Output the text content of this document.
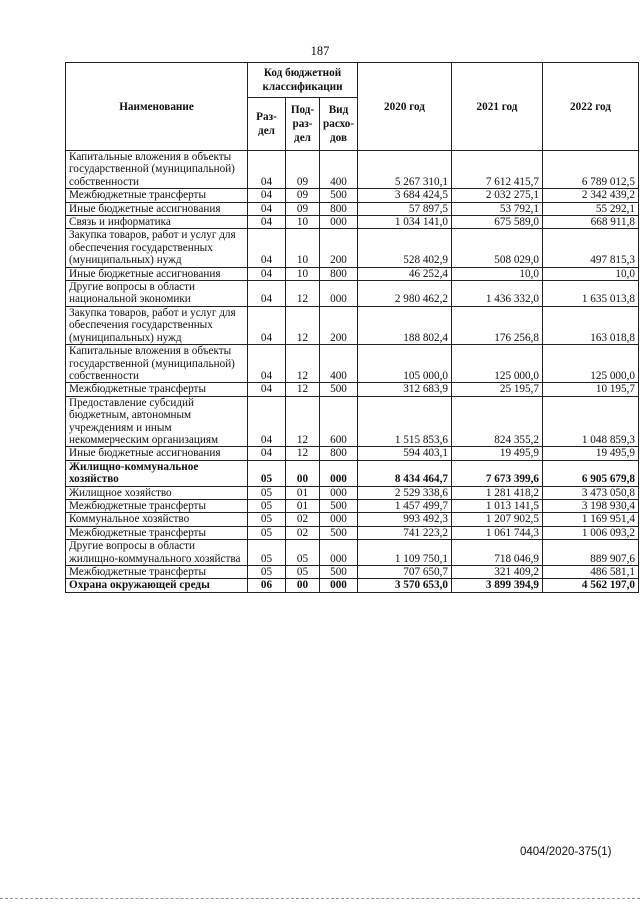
187
Наименование	Код бюджетной классификации			2020 год	2021 год	2022 год
	Раз-дел	Под-раз-дел	Вид расхо-дов			
Капитальные вложения в объекты государственной (муниципальной) собственности	04	09	400	5 267 310,1	7 612 415,7	6 789 012,5
Межбюджетные трансферты	04	09	500	3 684 424,5	2 032 275,1	2 342 439,2
Иные бюджетные ассигнования	04	09	800	57 897,5	53 792,1	55 292,1
Связь и информатика	04	10	000	1 034 141,0	675 589,0	668 911,8
Закупка товаров, работ и услуг для обеспечения государственных (муниципальных) нужд	04	10	200	528 402,9	508 029,0	497 815,3
Иные бюджетные ассигнования	04	10	800	46 252,4	10,0	10,0
Другие вопросы в области национальной экономики	04	12	000	2 980 462,2	1 436 332,0	1 635 013,8
Закупка товаров, работ и услуг для обеспечения государственных (муниципальных) нужд	04	12	200	188 802,4	176 256,8	163 018,8
Капитальные вложения в объекты государственной (муниципальной) собственности	04	12	400	105 000,0	125 000,0	125 000,0
Межбюджетные трансферты	04	12	500	312 683,9	25 195,7	10 195,7
Предоставление субсидий бюджетным, автономным учреждениям и иным некоммерческим организациям	04	12	600	1 515 853,6	824 355,2	1 048 859,3
Иные бюджетные ассигнования	04	12	800	594 403,1	19 495,9	19 495,9
Жилищно-коммунальное хозяйство	05	00	000	8 434 464,7	7 673 399,6	6 905 679,8
Жилищное хозяйство	05	01	000	2 529 338,6	1 281 418,2	3 473 050,8
Межбюджетные трансферты	05	01	500	1 457 499,7	1 013 141,5	3 198 930,4
Коммунальное хозяйство	05	02	000	993 492,3	1 207 902,5	1 169 951,4
Межбюджетные трансферты	05	02	500	741 223,2	1 061 744,3	1 006 093,2
Другие вопросы в области жилищно-коммунального хозяйства	05	05	000	1 109 750,1	718 046,9	889 907,6
Межбюджетные трансферты	05	05	500	707 650,7	321 409,2	486 581,1
Охрана окружающей среды	06	00	000	3 570 653,0	3 899 394,9	4 562 197,0
0404/2020-375(1)
